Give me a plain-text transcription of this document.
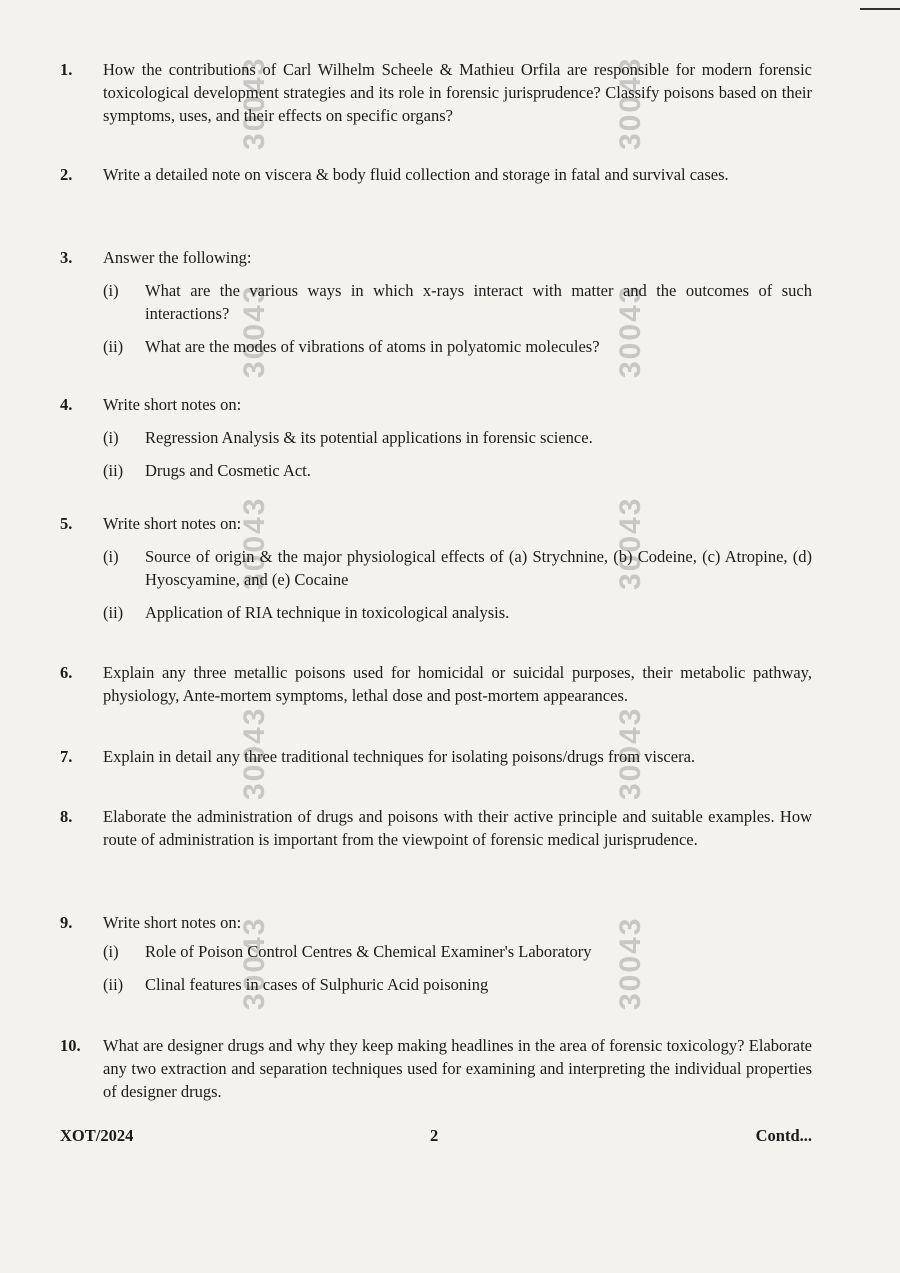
30043	30043
30043	30043
30043	30043
30043	30043
30043	30043
1. How the contributions of Carl Wilhelm Scheele & Mathieu Orfila are responsible for modern forensic toxicological development strategies and its role in forensic jurisprudence? Classify poisons based on their symptoms, uses, and their effects on specific organs?
2. Write a detailed note on viscera & body fluid collection and storage in fatal and survival cases.
3. Answer the following:
(i) What are the various ways in which x-rays interact with matter and the outcomes of such interactions?
(ii) What are the modes of vibrations of atoms in polyatomic molecules?
4. Write short notes on:
(i) Regression Analysis & its potential applications in forensic science.
(ii) Drugs and Cosmetic Act.
5. Write short notes on:
(i) Source of origin & the major physiological effects of (a) Strychnine, (b) Codeine, (c) Atropine, (d) Hyoscyamine, and (e) Cocaine
(ii) Application of RIA technique in toxicological analysis.
6. Explain any three metallic poisons used for homicidal or suicidal purposes, their metabolic pathway, physiology, Ante-mortem symptoms, lethal dose and post-mortem appearances.
7. Explain in detail any three traditional techniques for isolating poisons/drugs from viscera.
8. Elaborate the administration of drugs and poisons with their active principle and suitable examples. How route of administration is important from the viewpoint of forensic medical jurisprudence.
9. Write short notes on:
(i) Role of Poison Control Centres & Chemical Examiner's Laboratory
(ii) Clinal features in cases of Sulphuric Acid poisoning
10. What are designer drugs and why they keep making headlines in the area of forensic toxicology? Elaborate any two extraction and separation techniques used for examining and interpreting the individual properties of designer drugs.
XOT/2024	2	Contd...
